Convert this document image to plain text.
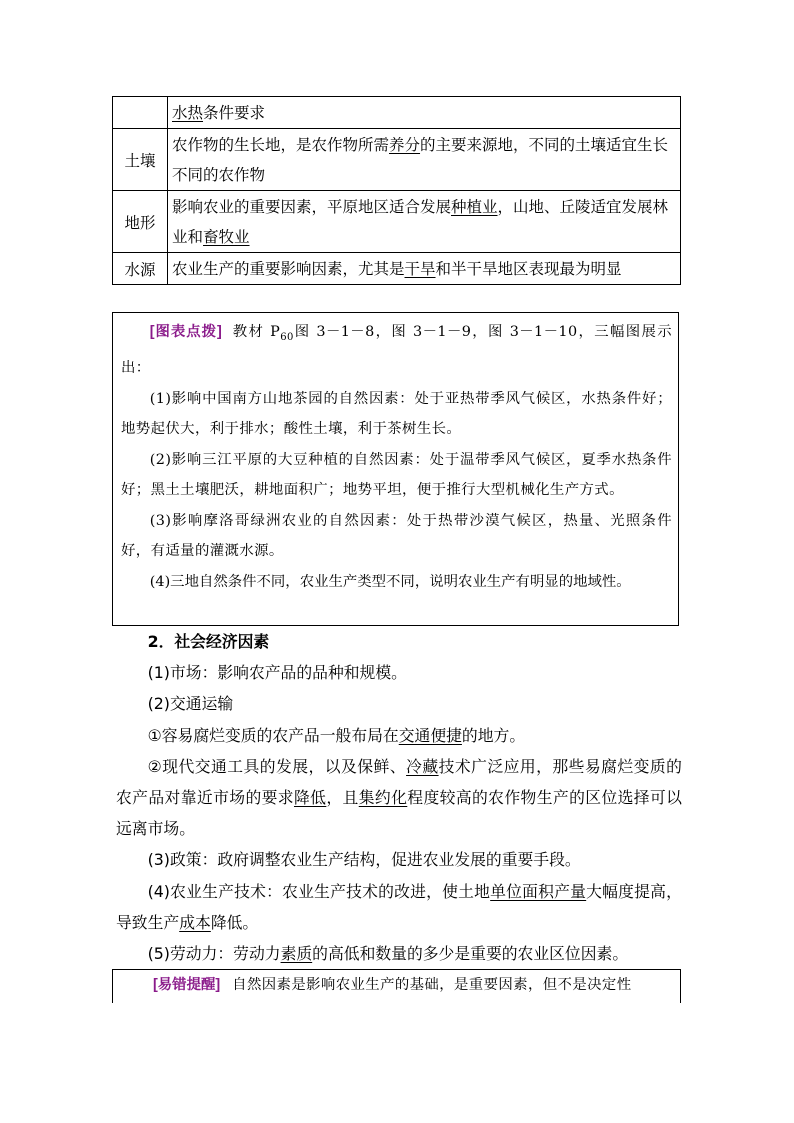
	水热条件要求
土壤	农作物的生长地，是农作物所需养分的主要来源地，不同的土壤适宜生长不同的农作物
地形	影响农业的重要因素，平原地区适合发展种植业，山地、丘陵适宜发展林业和畜牧业
水源	农业生产的重要影响因素，尤其是干旱和半干旱地区表现最为明显

[图表点拨] 教材 $P_{60}$图 3－1－8，图 3－1－9，图 3－1－10，三幅图展示出：

(1)影响中国南方山地茶园的自然因素：处于亚热带季风气候区，水热条件好；地势起伏大，利于排水；酸性土壤，利于茶树生长。

(2)影响三江平原的大豆种植的自然因素：处于温带季风气候区，夏季水热条件好；黑土土壤肥沃，耕地面积广；地势平坦，便于推行大型机械化生产方式。

(3)影响摩洛哥绿洲农业的自然因素：处于热带沙漠气候区，热量、光照条件好，有适量的灌溉水源。

(4)三地自然条件不同，农业生产类型不同，说明农业生产有明显的地域性。

2．社会经济因素

(1)市场：影响农产品的品种和规模。

(2)交通运输

①容易腐烂变质的农产品一般布局在交通便捷的地方。

②现代交通工具的发展，以及保鲜、冷藏技术广泛应用，那些易腐烂变质的农产品对靠近市场的要求降低，且集约化程度较高的农作物生产的区位选择可以远离市场。

(3)政策：政府调整农业生产结构，促进农业发展的重要手段。

(4)农业生产技术：农业生产技术的改进，使土地单位面积产量大幅度提高，导致生产成本降低。

(5)劳动力：劳动力素质的高低和数量的多少是重要的农业区位因素。

[易错提醒] 自然因素是影响农业生产的基础，是重要因素，但不是决定性
